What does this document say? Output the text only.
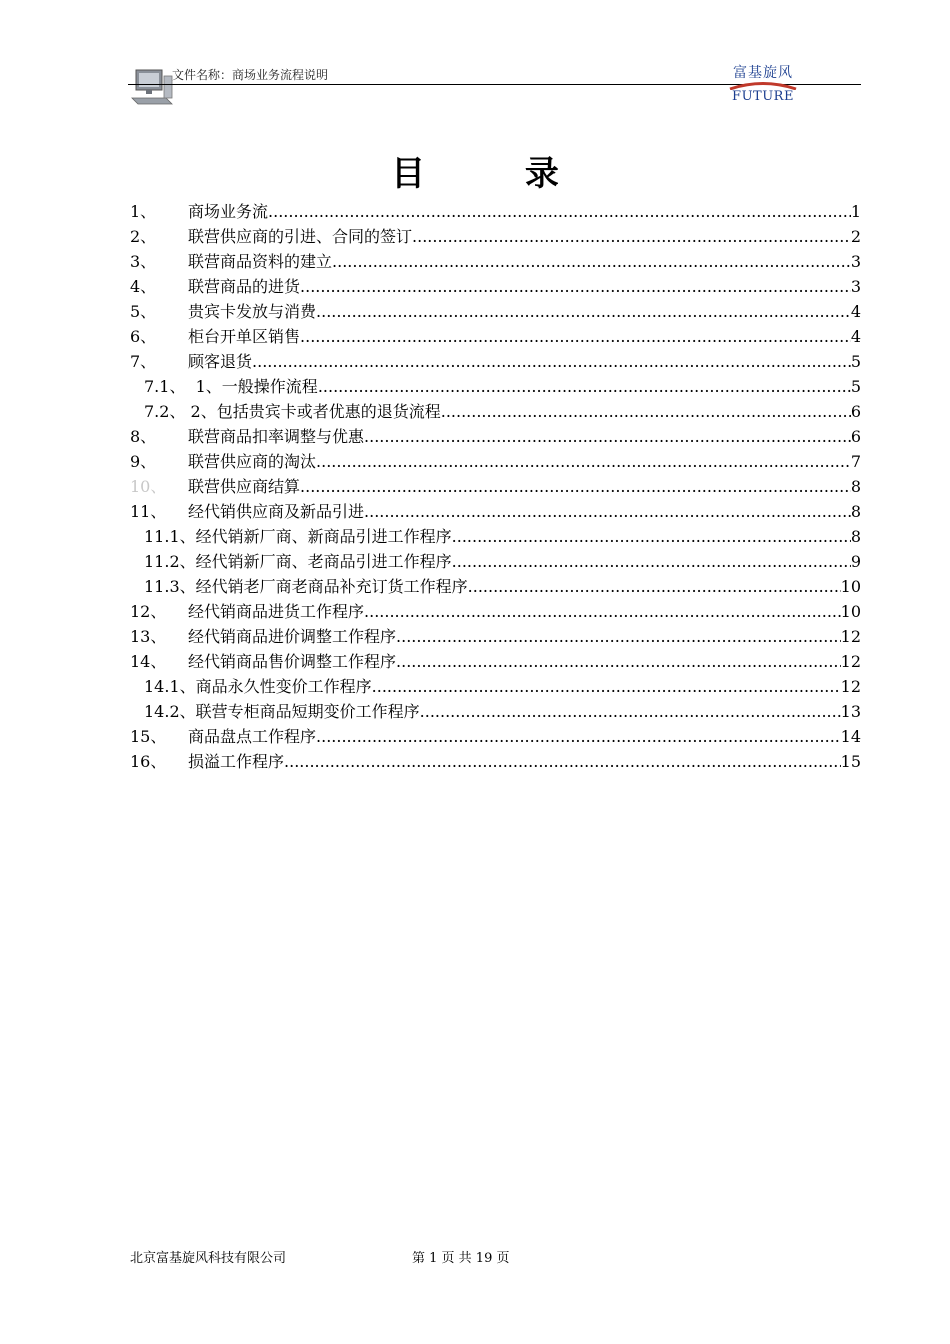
文件名称：商场业务流程说明	富基旋风
FUTURE
目 录
1、	商场业务流 .....	1
2、	联营供应商的引进、合同的签订 .....	2
3、	联营商品资料的建立 .....	3
4、	联营商品的进货 .....	3
5、	贵宾卡发放与消费 .....	4
6、	柜台开单区销售 .....	4
7、	顾客退货 .....	5
7.1、 1、一般操作流程 .....	5
7.2、 2、包括贵宾卡或者优惠的退货流程 .....	6
8、	联营商品扣率调整与优惠 .....	6
9、	联营供应商的淘汰 .....	7
10、	联营供应商结算 .....	8
11、	经代销供应商及新品引进 .....	8
11.1、 经代销新厂商、新商品引进工作程序 .....	8
11.2、 经代销新厂商、老商品引进工作程序 .....	9
11.3、 经代销老厂商老商品补充订货工作程序 .....	10
12、	经代销商品进货工作程序 .....	10
13、	经代销商品进价调整工作程序 .....	12
14、	经代销商品售价调整工作程序 .....	12
14.1、 商品永久性变价工作程序 .....	12
14.2、 联营专柜商品短期变价工作程序 .....	13
15、	商品盘点工作程序 .....	14
16、	损溢工作程序 .....	15
北京富基旋风科技有限公司	第 1 页 共 19 页
